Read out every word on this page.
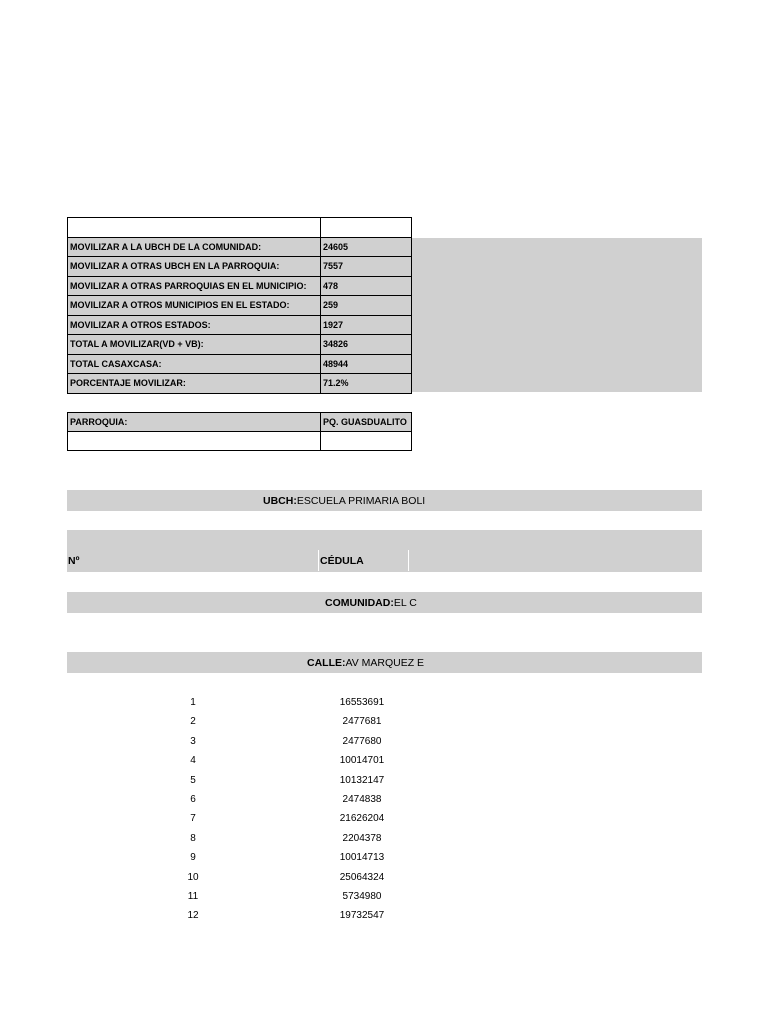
MOVILIZAR A LA UBCH DE LA COMUNIDAD:	24605
MOVILIZAR A OTRAS UBCH EN LA PARROQUIA:	7557
MOVILIZAR A OTRAS PARROQUIAS EN EL MUNICIPIO:	478
MOVILIZAR A OTROS MUNICIPIOS EN EL ESTADO:	259
MOVILIZAR A OTROS ESTADOS:	1927
TOTAL A MOVILIZAR(VD + VB):	34826
TOTAL CASAXCASA:	48944
PORCENTAJE MOVILIZAR:	71.2%
PARROQUIA:	PQ. GUASDUALITO

UBCH: ESCUELA PRIMARIA BOLI
Nº	CÉDULA
COMUNIDAD: EL C
CALLE: AV MARQUEZ E
1	16553691
2	2477681
3	2477680
4	10014701
5	10132147
6	2474838
7	21626204
8	2204378
9	10014713
10	25064324
11	5734980
12	19732547
